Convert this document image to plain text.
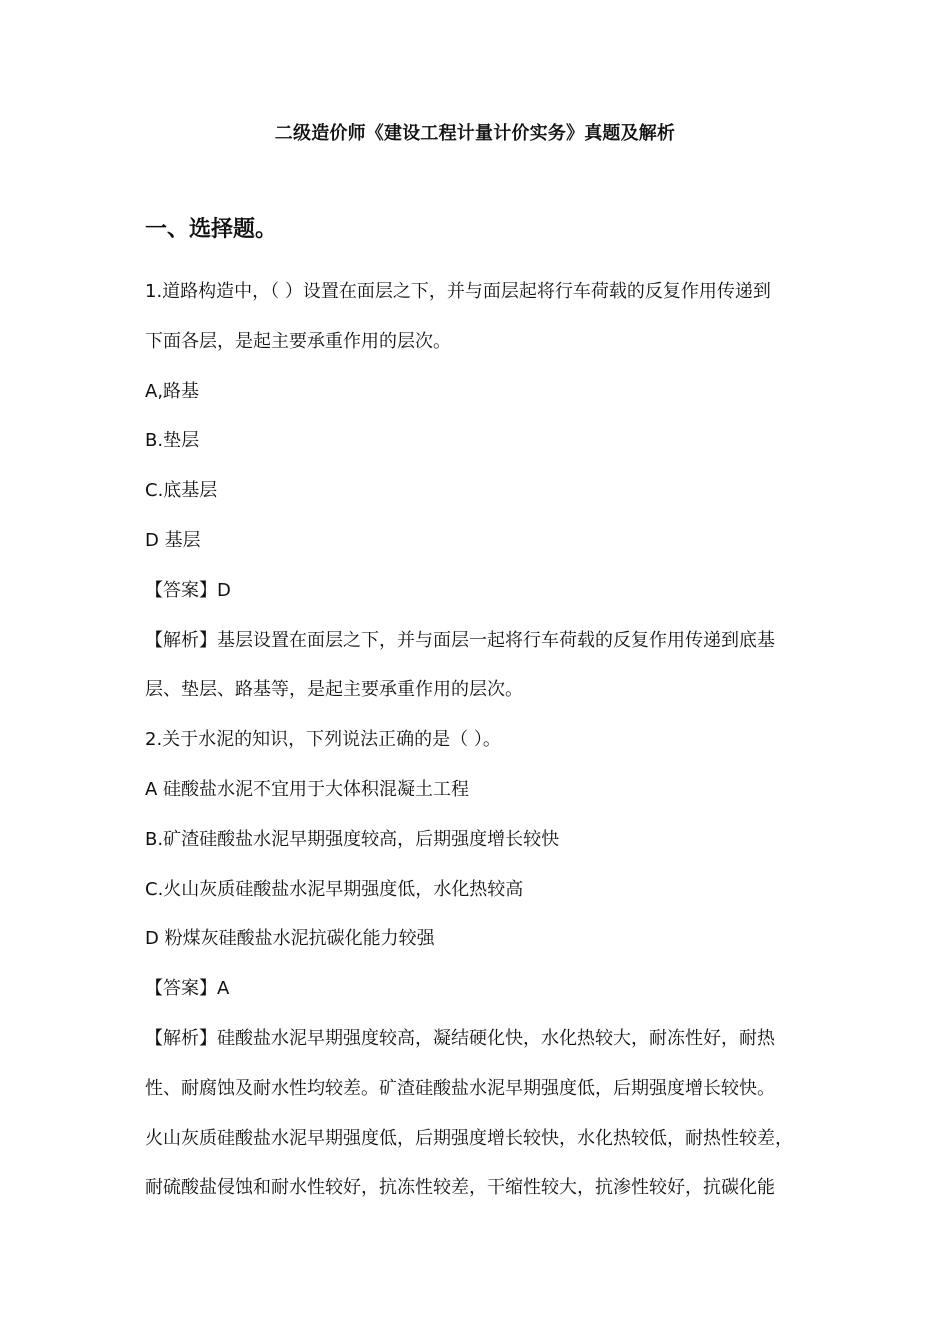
二级造价师《建设工程计量计价实务》真题及解析
一、选择题。
1.道路构造中，（ ）设置在面层之下，并与面层起将行车荷载的反复作用传递到
下面各层，是起主要承重作用的层次。
A,路基
B.垫层
C.底基层
D 基层
【答案】D
【解析】基层设置在面层之下，并与面层一起将行车荷载的反复作用传递到底基
层、垫层、路基等，是起主要承重作用的层次。
2.关于水泥的知识，下列说法正确的是（ ）。
A 硅酸盐水泥不宜用于大体积混凝土工程
B.矿渣硅酸盐水泥早期强度较高，后期强度增长较快
C.火山灰质硅酸盐水泥早期强度低，水化热较高
D 粉煤灰硅酸盐水泥抗碳化能力较强
【答案】A
【解析】硅酸盐水泥早期强度较高，凝结硬化快，水化热较大，耐冻性好，耐热
性、耐腐蚀及耐水性均较差。矿渣硅酸盐水泥早期强度低，后期强度增长较快。
火山灰质硅酸盐水泥早期强度低，后期强度增长较快，水化热较低，耐热性较差，
耐硫酸盐侵蚀和耐水性较好，抗冻性较差，干缩性较大，抗渗性较好，抗碳化能
